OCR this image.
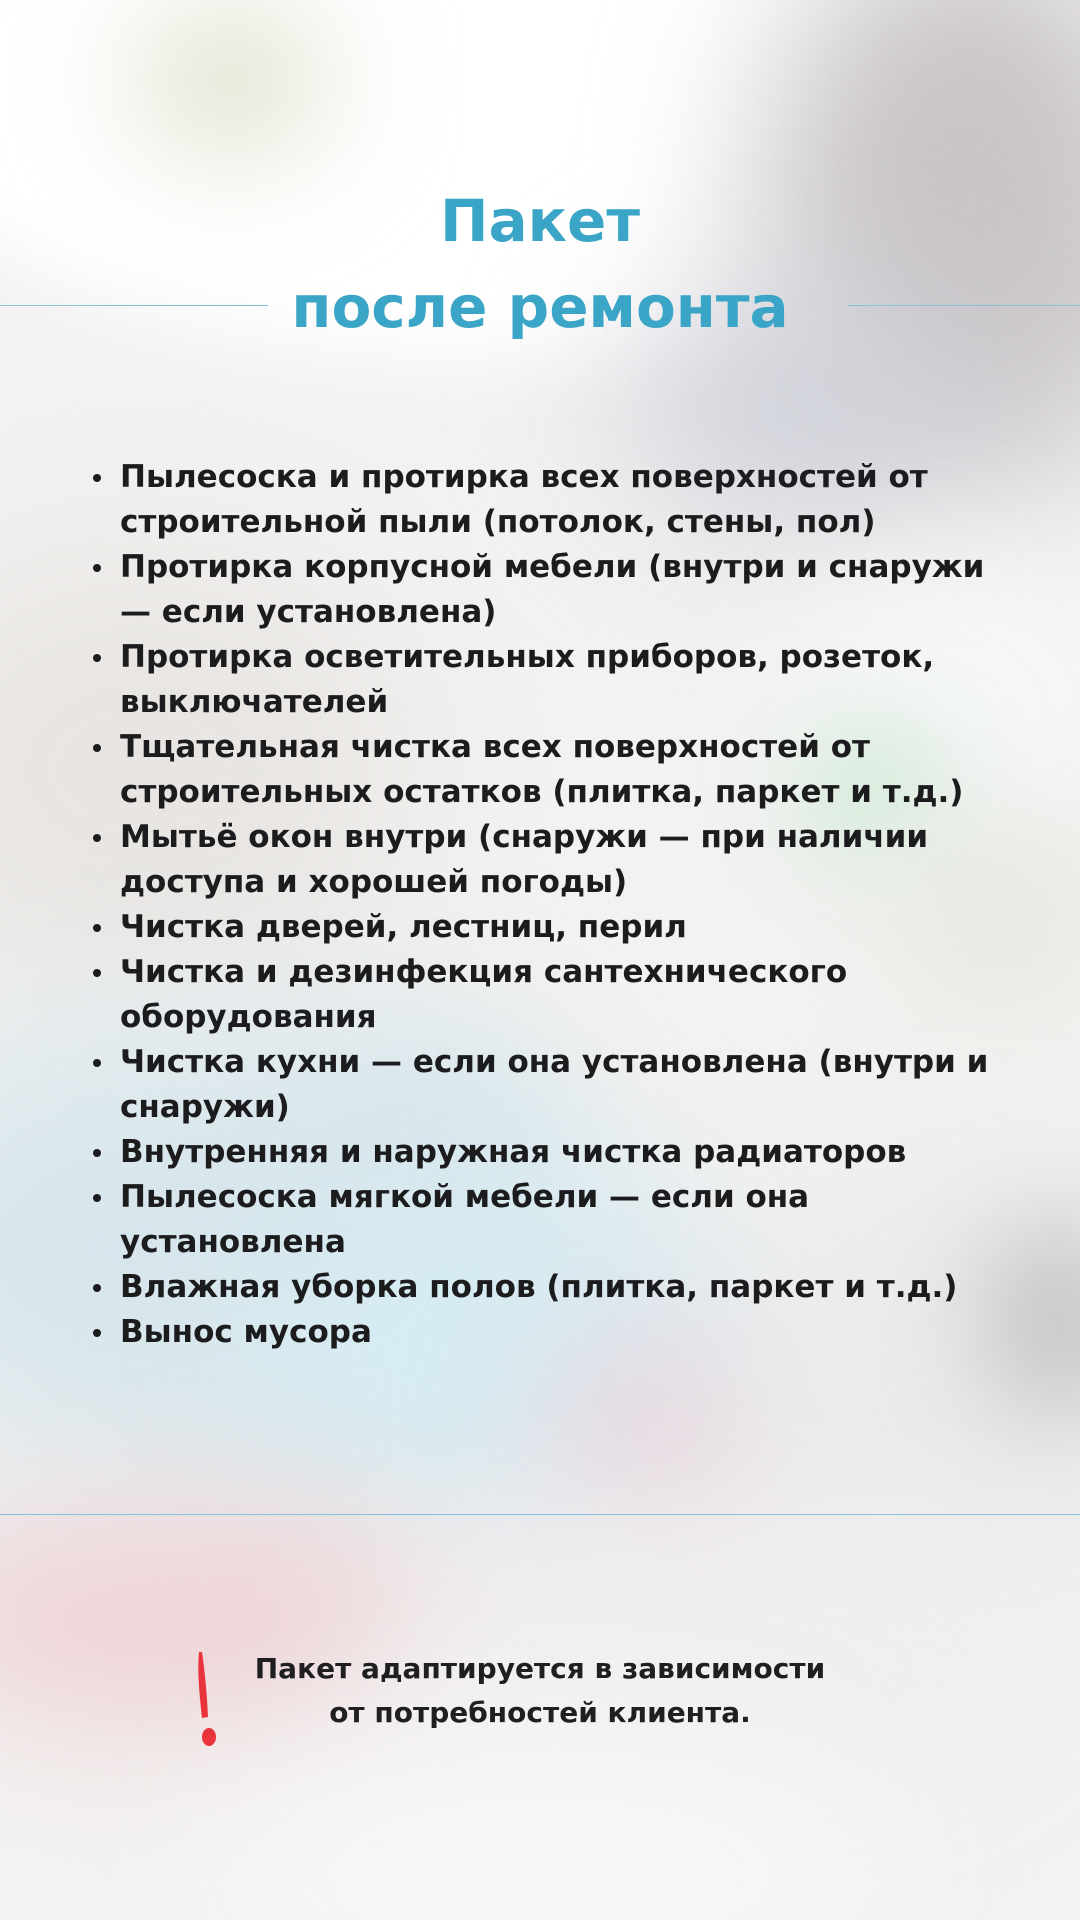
Пакет
после ремонта
Пылесоска и протирка всех поверхностей от строительной пыли (потолок, стены, пол)
Протирка корпусной мебели (внутри и снаружи — если установлена)
Протирка осветительных приборов, розеток, выключателей
Тщательная чистка всех поверхностей от строительных остатков (плитка, паркет и т.д.)
Мытьё окон внутри (снаружи — при наличии доступа и хорошей погоды)
Чистка дверей, лестниц, перил
Чистка и дезинфекция сантехнического оборудования
Чистка кухни — если она установлена (внутри и снаружи)
Внутренняя и наружная чистка радиаторов
Пылесоска мягкой мебели — если она установлена
Влажная уборка полов (плитка, паркет и т.д.)
Вынос мусора

Пакет адаптируется в зависимости
от потребностей клиента.
